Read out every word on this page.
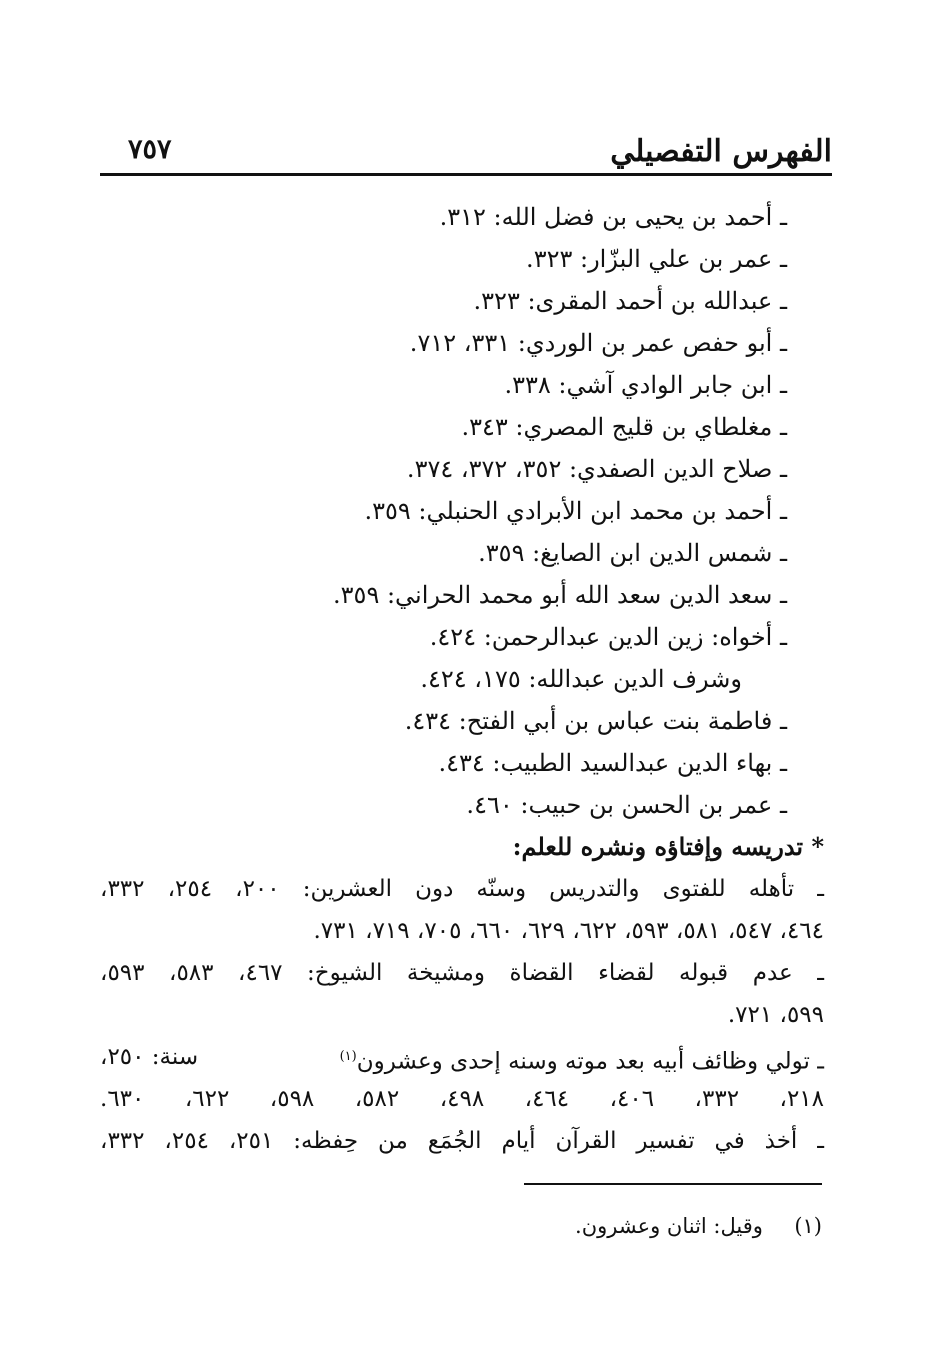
الفهرس التفصيلي
٧٥٧
ـ أحمد بن يحيى بن فضل الله: ٣١٢.
ـ عمر بن علي البزّار: ٣٢٣.
ـ عبدالله بن أحمد المقرى: ٣٢٣.
ـ أبو حفص عمر بن الوردي: ٣٣١، ٧١٢.
ـ ابن جابر الوادي آشي: ٣٣٨.
ـ مغلطاي بن قليج المصري: ٣٤٣.
ـ صلاح الدين الصفدي: ٣٥٢، ٣٧٢، ٣٧٤.
ـ أحمد بن محمد ابن الأبرادي الحنبلي: ٣٥٩.
ـ شمس الدين ابن الصايغ: ٣٥٩.
ـ سعد الدين سعد الله أبو محمد الحراني: ٣٥٩.
ـ أخواه: زين الدين عبدالرحمن: ٤٢٤.
وشرف الدين عبدالله: ١٧٥، ٤٢٤.
ـ فاطمة بنت عباس بن أبي الفتح: ٤٣٤.
ـ بهاء الدين عبدالسيد الطبيب: ٤٣٤.
ـ عمر بن الحسن بن حبيب: ٤٦٠.
* تدريسه وإفتاؤه ونشره للعلم:
ـ تأهله للفتوى والتدريس وسنّه دون العشرين: ٢٠٠، ٢٥٤، ٣٣٢،
٤٦٤، ٥٤٧، ٥٨١، ٥٩٣، ٦٢٢، ٦٢٩، ٦٦٠، ٧٠٥، ٧١٩، ٧٣١.
ـ عدم قبوله لقضاء القضاة ومشيخة الشيوخ: ٤٦٧، ٥٨٣، ٥٩٣،
٥٩٩، ٧٢١.
ـ تولي وظائف أبيه بعد موته وسنه إحدى وعشرون$^{(١)}$
سنة: ٢٥٠،
٢١٨، ٣٣٢، ٤٠٦، ٤٦٤، ٤٩٨، ٥٨٢، ٥٩٨، ٦٢٢، ٦٣٠.
ـ أخذ في تفسير القرآن أيام الجُمَع من حِفظه: ٢٥١، ٢٥٤، ٣٣٢،
(١)  وقيل: اثنان وعشرون.
